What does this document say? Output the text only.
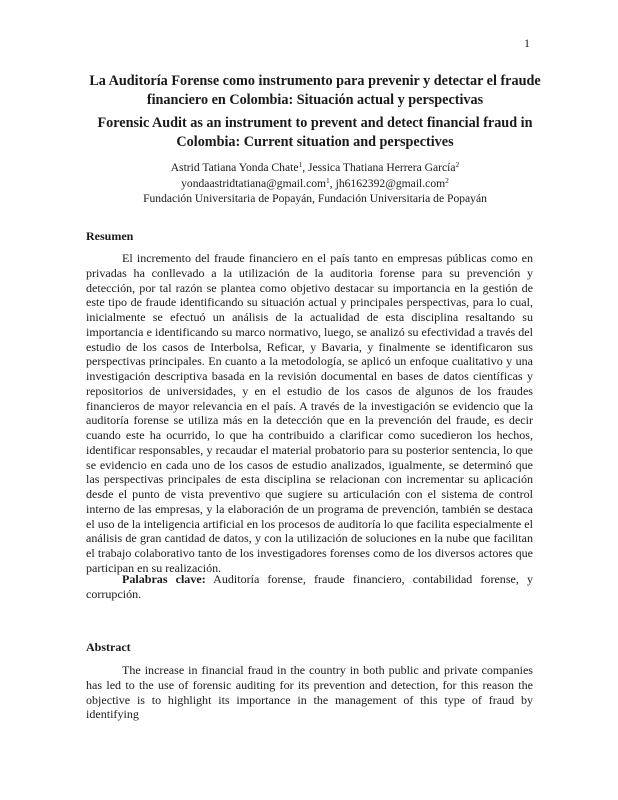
1
La Auditoría Forense como instrumento para prevenir y detectar el fraude financiero en Colombia: Situación actual y perspectivas
Forensic Audit as an instrument to prevent and detect financial fraud in Colombia: Current situation and perspectives
Astrid Tatiana Yonda Chate$^1$, Jessica Thatiana Herrera García$^2$
yondaastridtatiana@gmail.com$^1$, jh6162392@gmail.com$^2$
Fundación Universitaria de Popayán, Fundación Universitaria de Popayán
Resumen

El incremento del fraude financiero en el país tanto en empresas públicas como en privadas ha conllevado a la utilización de la auditoria forense para su prevención y detección, por tal razón se plantea como objetivo destacar su importancia en la gestión de este tipo de fraude identificando su situación actual y principales perspectivas, para lo cual, inicialmente se efectuó un análisis de la actualidad de esta disciplina resaltando su importancia e identificando su marco normativo, luego, se analizó su efectividad a través del estudio de los casos de Interbolsa, Reficar, y Bavaria, y finalmente se identificaron sus perspectivas principales. En cuanto a la metodología, se aplicó un enfoque cualitativo y una investigación descriptiva basada en la revisión documental en bases de datos científicas y repositorios de universidades, y en el estudio de los casos de algunos de los fraudes financieros de mayor relevancia en el país. A través de la investigación se evidencio que la auditoría forense se utiliza más en la detección que en la prevención del fraude, es decir cuando este ha ocurrido, lo que ha contribuido a clarificar como sucedieron los hechos, identificar responsables, y recaudar el material probatorio para su posterior sentencia, lo que se evidencio en cada uno de los casos de estudio analizados, igualmente, se determinó que las perspectivas principales de esta disciplina se relacionan con incrementar su aplicación desde el punto de vista preventivo que sugiere su articulación con el sistema de control interno de las empresas, y la elaboración de un programa de prevención, también se destaca el uso de la inteligencia artificial en los procesos de auditoría lo que facilita especialmente el análisis de gran cantidad de datos, y con la utilización de soluciones en la nube que facilitan el trabajo colaborativo tanto de los investigadores forenses como de los diversos actores que participan en su realización.

Palabras clave: Auditoría forense, fraude financiero, contabilidad forense, y corrupción.

Abstract

The increase in financial fraud in the country in both public and private companies has led to the use of forensic auditing for its prevention and detection, for this reason the objective is to highlight its importance in the management of this type of fraud by identifying
